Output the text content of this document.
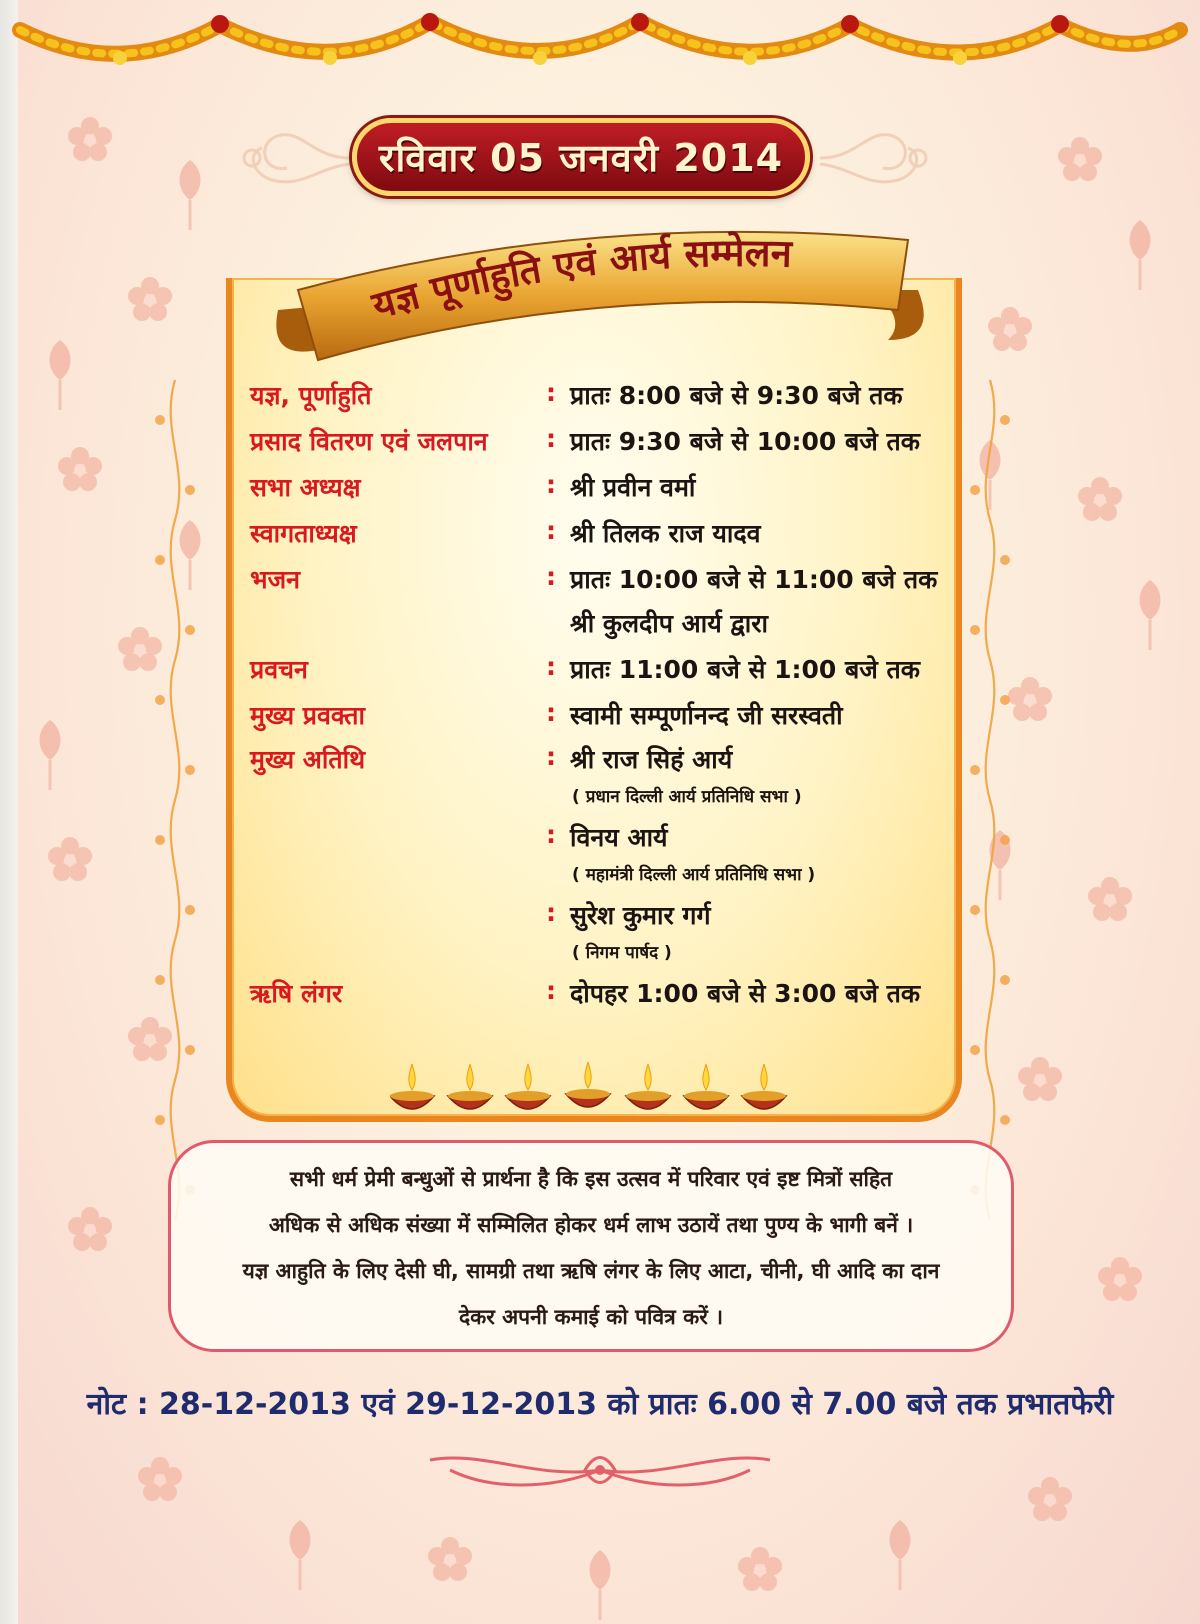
रविवार 05 जनवरी 2014
यज्ञ पूर्णाहुति एवं आर्य सम्मेलन
यज्ञ, पूर्णाहुति	: प्रातः 8:00 बजे से 9:30 बजे तक
प्रसाद वितरण एवं जलपान : प्रातः 9:30 बजे से 10:00 बजे तक
सभा अध्यक्ष	: श्री प्रवीन वर्मा
स्वागताध्यक्ष	: श्री तिलक राज यादव
भजन	: प्रातः 10:00 बजे से 11:00 बजे तक
श्री कुलदीप आर्य द्वारा
प्रवचन	: प्रातः 11:00 बजे से 1:00 बजे तक
मुख्य प्रवक्ता	: स्वामी सम्पूर्णानन्द जी सरस्वती
मुख्य अतिथि	: श्री राज सिहं आर्य
( प्रधान दिल्ली आर्य प्रतिनिधि सभा )
: विनय आर्य
( महामंत्री दिल्ली आर्य प्रतिनिधि सभा )
: सुरेश कुमार गर्ग
( निगम पार्षद )
ऋषि लंगर	: दोपहर 1:00 बजे से 3:00 बजे तक
सभी धर्म प्रेमी बन्धुओं से प्रार्थना है कि इस उत्सव में परिवार एवं इष्ट मित्रों सहित
अधिक से अधिक संख्या में सम्मिलित होकर धर्म लाभ उठायें तथा पुण्य के भागी बनें ।
यज्ञ आहुति के लिए देसी घी, सामग्री तथा ऋषि लंगर के लिए आटा, चीनी, घी आदि का दान
देकर अपनी कमाई को पवित्र करें ।
नोट : 28-12-2013 एवं 29-12-2013 को प्रातः 6.00 से 7.00 बजे तक प्रभातफेरी
